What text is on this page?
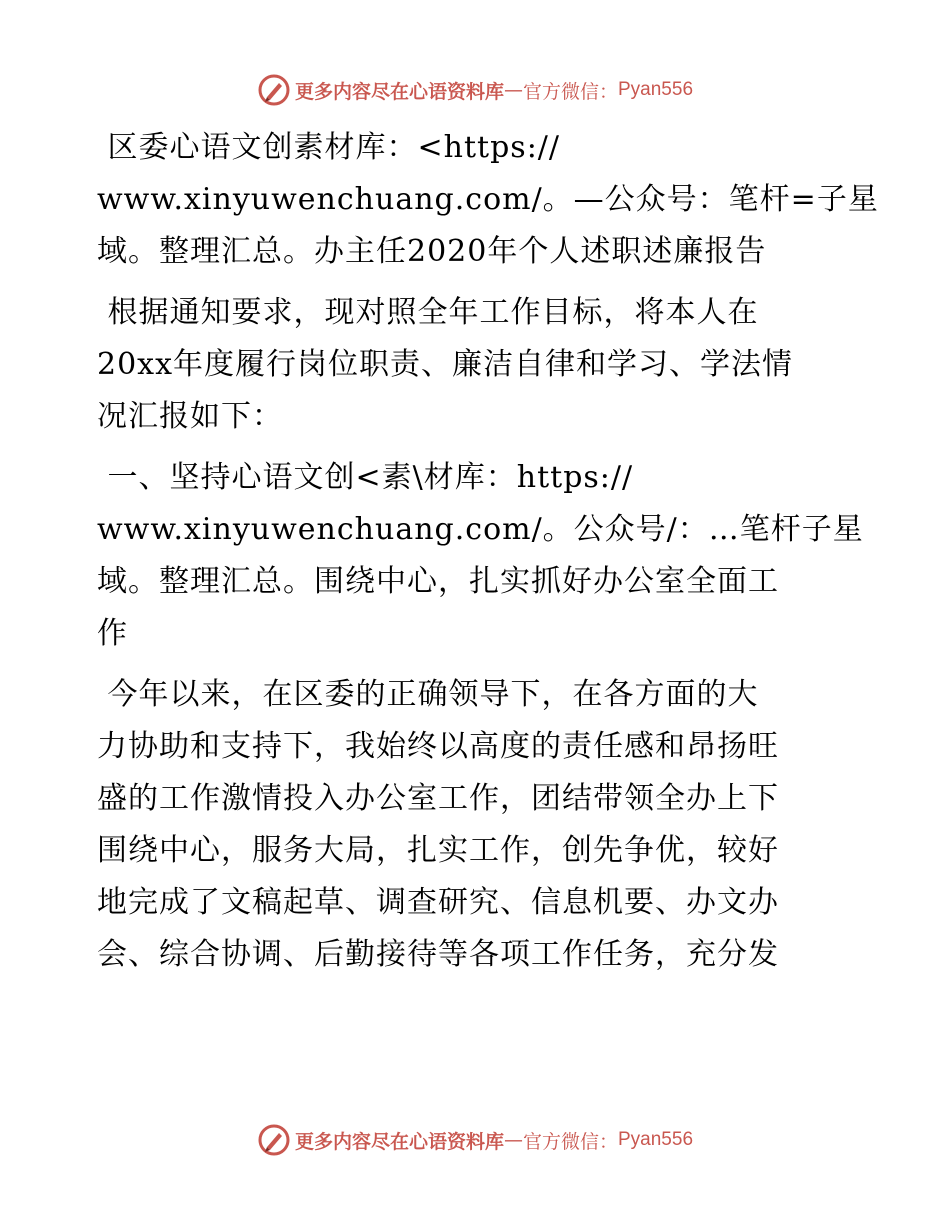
更多内容尽在心语资料库 — 官方微信： Pyan556
区委心语文创素材库：<https://
www.xinyuwenchuang.com/。—公众号：笔杆=子星
域。整理汇总。办主任2020年个人述职述廉报告
根据通知要求，现对照全年工作目标，将本人在
20xx年度履行岗位职责、廉洁自律和学习、学法情
况汇报如下：
一、坚持心语文创<素\材库：https://
www.xinyuwenchuang.com/。公众号/：…笔杆子星
域。整理汇总。围绕中心，扎实抓好办公室全面工
作
今年以来，在区委的正确领导下，在各方面的大
力协助和支持下，我始终以高度的责任感和昂扬旺
盛的工作激情投入办公室工作，团结带领全办上下
围绕中心，服务大局，扎实工作，创先争优，较好
地完成了文稿起草、调查研究、信息机要、办文办
会、综合协调、后勤接待等各项工作任务，充分发
更多内容尽在心语资料库 — 官方微信： Pyan556
